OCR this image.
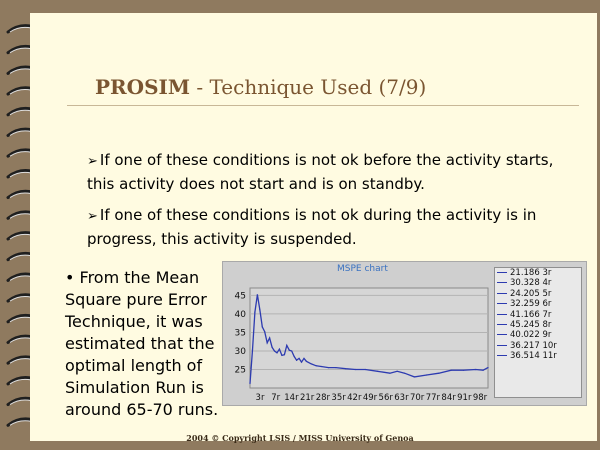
PROSIM - Technique Used (7/9)
➢ If one of these conditions is not ok before the activity starts, this activity does not start and is on standby.
➢ If one of these conditions is not ok during the activity is in progress, this activity is suspended.
• From the Mean Square pure Error Technique, it was estimated that the optimal length of Simulation Run is around 65-70 runs.
MSPE chart
25
30
35
40
45
3r 7r 14r 21r 28r 35r 42r 49r 56r 63r 70r 77r 84r 91r 98r
21.186 3r
30.328 4r
24.205 5r
32.259 6r
41.166 7r
45.245 8r
40.022 9r
36.217 10r
36.514 11r
2004 © Copyright LSIS / MISS University of Genoa
